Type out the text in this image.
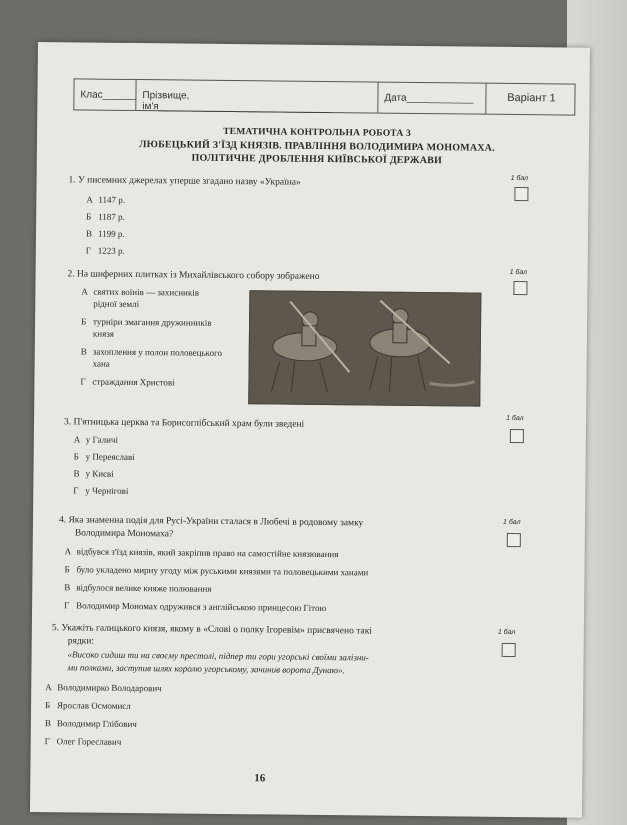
Клас______ Прізвище, ім'я_______________________________
Дата____________	Варіант 1
ТЕМАТИЧНА КОНТРОЛЬНА РОБОТА 3
ЛЮБЕЦЬКИЙ З'ЇЗД КНЯЗІВ. ПРАВЛІННЯ ВОЛОДИМИРА МОНОМАХА.
ПОЛІТИЧНЕ ДРОБЛЕННЯ КИЇВСЬКОЇ ДЕРЖАВИ
1. У писемних джерелах уперше згадано назву «Україна»	1 бал
А 1147 р.
Б 1187 р.
В 1199 р.
Г 1223 р.
2. На шиферних плитках із Михайлівського собору зображено	1 бал
А святих воїнів — захисників
рідної землі
Б турніри змагання дружинників
князя
В захоплення у полон половецького
хана
Г страждання Христові
3. П'ятницька церква та Борисоглібський храм були зведені	1 бал
А у Галичі
Б у Переяславі
В у Києві
Г у Чернігові
4. Яка знаменна подія для Русі-України сталася в Любечі в родовому замку
Володимира Мономаха?
1 бал
А відбувся з'їзд князів, який закріпив право на самостійне князювання
Б було укладено мирну угоду між руськими князями та половецькими ханами
В відбулося велике княже полювання
Г Володимир Мономах одружився з англійською принцесою Гітою
5. Укажіть галицького князя, якому в «Слові о полку Ігоревім» присвячено такі
рядки:
«Високо сидиш ти на своєму престолі, підпер ти гори угорські своїми залізни-
ми полками, заступив шлях королю угорському, зачинив ворота Дунаю».
1 бал
А Володимирко Володарович
Б Ярослав Осмомисл
В Володимир Глібович
Г Олег Гореславич
16
